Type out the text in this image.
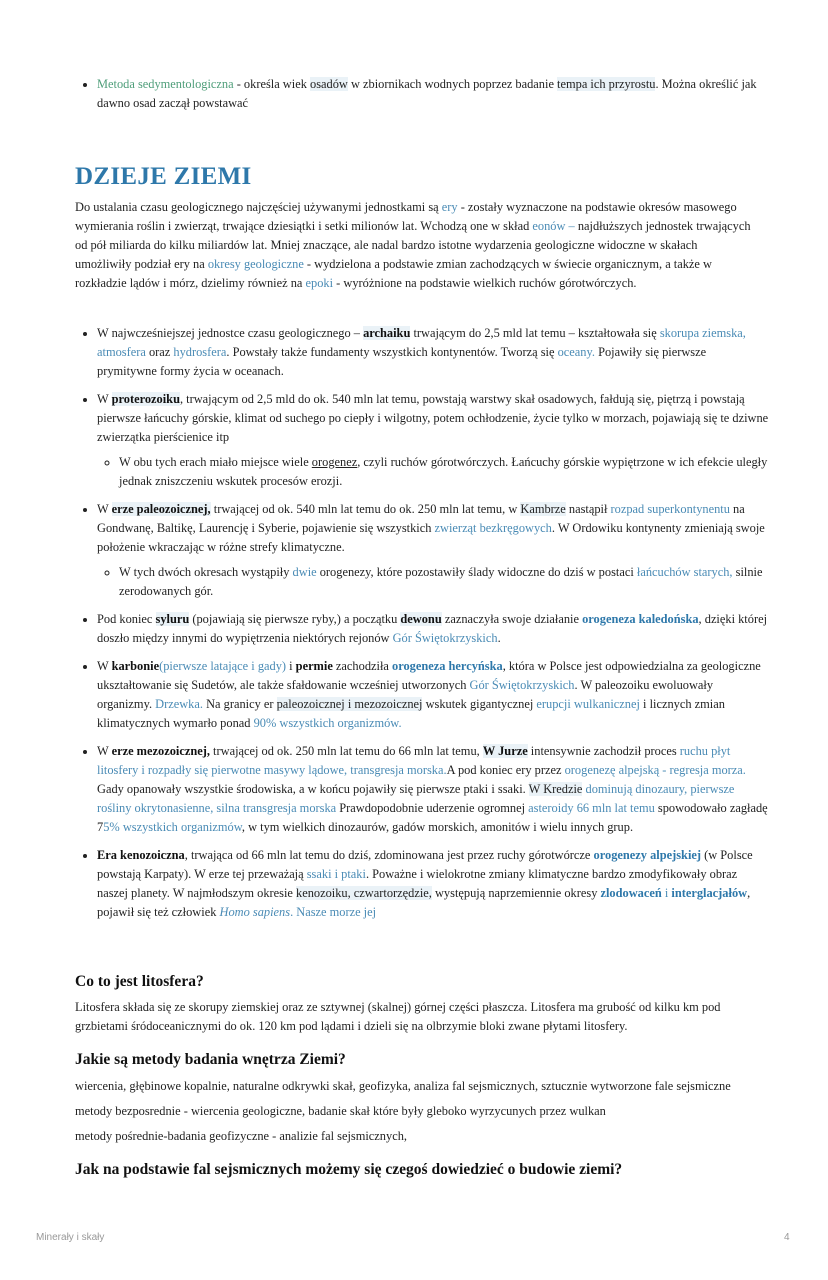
• Metoda sedymentologiczna - określa wiek osadów w zbiornikach wodnych poprzez badanie tempa ich przyrostu. Można określić jak dawno osad zaczął powstawać
DZIEJE ZIEMI

Do ustalania czasu geologicznego najczęściej używanymi jednostkami są ery - zostały wyznaczone na podstawie okresów masowego wymierania roślin i zwierząt, trwające dziesiątki i setki milionów lat. Wchodzą one w skład eonów – najdłuższych jednostek trwających od pół miliarda do kilku miliardów lat. Mniej znaczące, ale nadal bardzo istotne wydarzenia geologiczne widoczne w skałach umożliwiły podział ery na okresy geologiczne - wydzielona a podstawie zmian zachodzących w świecie organicznym, a także w rozkładzie lądów i mórz, dzielimy również na epoki - wyróżnione na podstawie wielkich ruchów górotwórczych.

• W najwcześniejszej jednostce czasu geologicznego – archaiku trwającym do 2,5 mld lat temu – kształtowała się skorupa ziemska, atmosfera oraz hydrosfera. Powstały także fundamenty wszystkich kontynentów. Tworzą się oceany. Pojawiły się pierwsze prymitywne formy życia w oceanach.
• W proterozoiku, trwającym od 2,5 mld do ok. 540 mln lat temu, powstają warstwy skał osadowych, fałdują się, piętrzą i powstają pierwsze łańcuchy górskie, klimat od suchego po ciepły i wilgotny, potem ochłodzenie, życie tylko w morzach, pojawiają się te dziwne zwierzątka pierścienice itp
◦ W obu tych erach miało miejsce wiele orogenez, czyli ruchów górotwórczych. Łańcuchy górskie wypiętrzone w ich efekcie uległy jednak zniszczeniu wskutek procesów erozji.
• W erze paleozoicznej, trwającej od ok. 540 mln lat temu do ok. 250 mln lat temu, w Kambrze nastąpił rozpad superkontynentu na Gondwanę, Baltikę, Laurencję i Syberie, pojawienie się wszystkich zwierząt bezkręgowych. W Ordowiku kontynenty zmieniają swoje położenie wkraczając w różne strefy klimatyczne.
◦ W tych dwóch okresach wystąpiły dwie orogenezy, które pozostawiły ślady widoczne do dziś w postaci łańcuchów starych, silnie zerodowanych gór.
• Pod koniec syluru (pojawiają się pierwsze ryby,) a początku dewonu zaznaczyła swoje działanie orogeneza kaledońska, dzięki której doszło między innymi do wypiętrzenia niektórych rejonów Gór Świętokrzyskich.
• W karbonie(pierwsze latające i gady) i permie zachodziła orogeneza hercyńska, która w Polsce jest odpowiedzialna za geologiczne ukształtowanie się Sudetów, ale także sfałdowanie wcześniej utworzonych Gór Świętokrzyskich. W paleozoiku ewoluowały organizmy. Drzewka. Na granicy er paleozoicznej i mezozoicznej wskutek gigantycznej erupcji wulkanicznej i licznych zmian klimatycznych wymarło ponad 90% wszystkich organizmów.
• W erze mezozoicznej, trwającej od ok. 250 mln lat temu do 66 mln lat temu, W Jurze intensywnie zachodził proces ruchu płyt litosfery i rozpadły się pierwotne masywy lądowe, transgresja morska.A pod koniec ery przez orogenezę alpejską - regresja morza. Gady opanowały wszystkie środowiska, a w końcu pojawiły się pierwsze ptaki i ssaki. W Kredzie dominują dinozaury, pierwsze rośliny okrytonasienne, silna transgresja morska Prawdopodobnie uderzenie ogromnej asteroidy 66 mln lat temu spowodowało zagładę 75% wszystkich organizmów, w tym wielkich dinozaurów, gadów morskich, amonitów i wielu innych grup.
• Era kenozoiczna, trwająca od 66 mln lat temu do dziś, zdominowana jest przez ruchy górotwórcze orogenezy alpejskiej (w Polsce powstają Karpaty). W erze tej przeważają ssaki i ptaki. Poważne i wielokrotne zmiany klimatyczne bardzo zmodyfikowały obraz naszej planety. W najmłodszym okresie kenozoiku, czwartorzędzie, występują naprzemiennie okresy zlodowaceń i interglacjałów, pojawił się też człowiek Homo sapiens. Nasze morze jej
Co to jest litosfera?

Litosfera składa się ze skorupy ziemskiej oraz ze sztywnej (skalnej) górnej części płaszcza. Litosfera ma grubość od kilku km pod grzbietami śródoceanicznymi do ok. 120 km pod lądami i dzieli się na olbrzymie bloki zwane płytami litosfery.

Jakie są metody badania wnętrza Ziemi?

wiercenia, głębinowe kopalnie, naturalne odkrywki skał, geofizyka, analiza fal sejsmicznych, sztucznie wytworzone fale sejsmiczne

metody bezposrednie - wiercenia geologiczne, badanie skał które były gleboko wyrzycunych przez wulkan

metody pośrednie-badania geofizyczne - analizie fal sejsmicznych,

Jak na podstawie fal sejsmicznych możemy się czegoś dowiedzieć o budowie ziemi?
Minerały i skały	4
